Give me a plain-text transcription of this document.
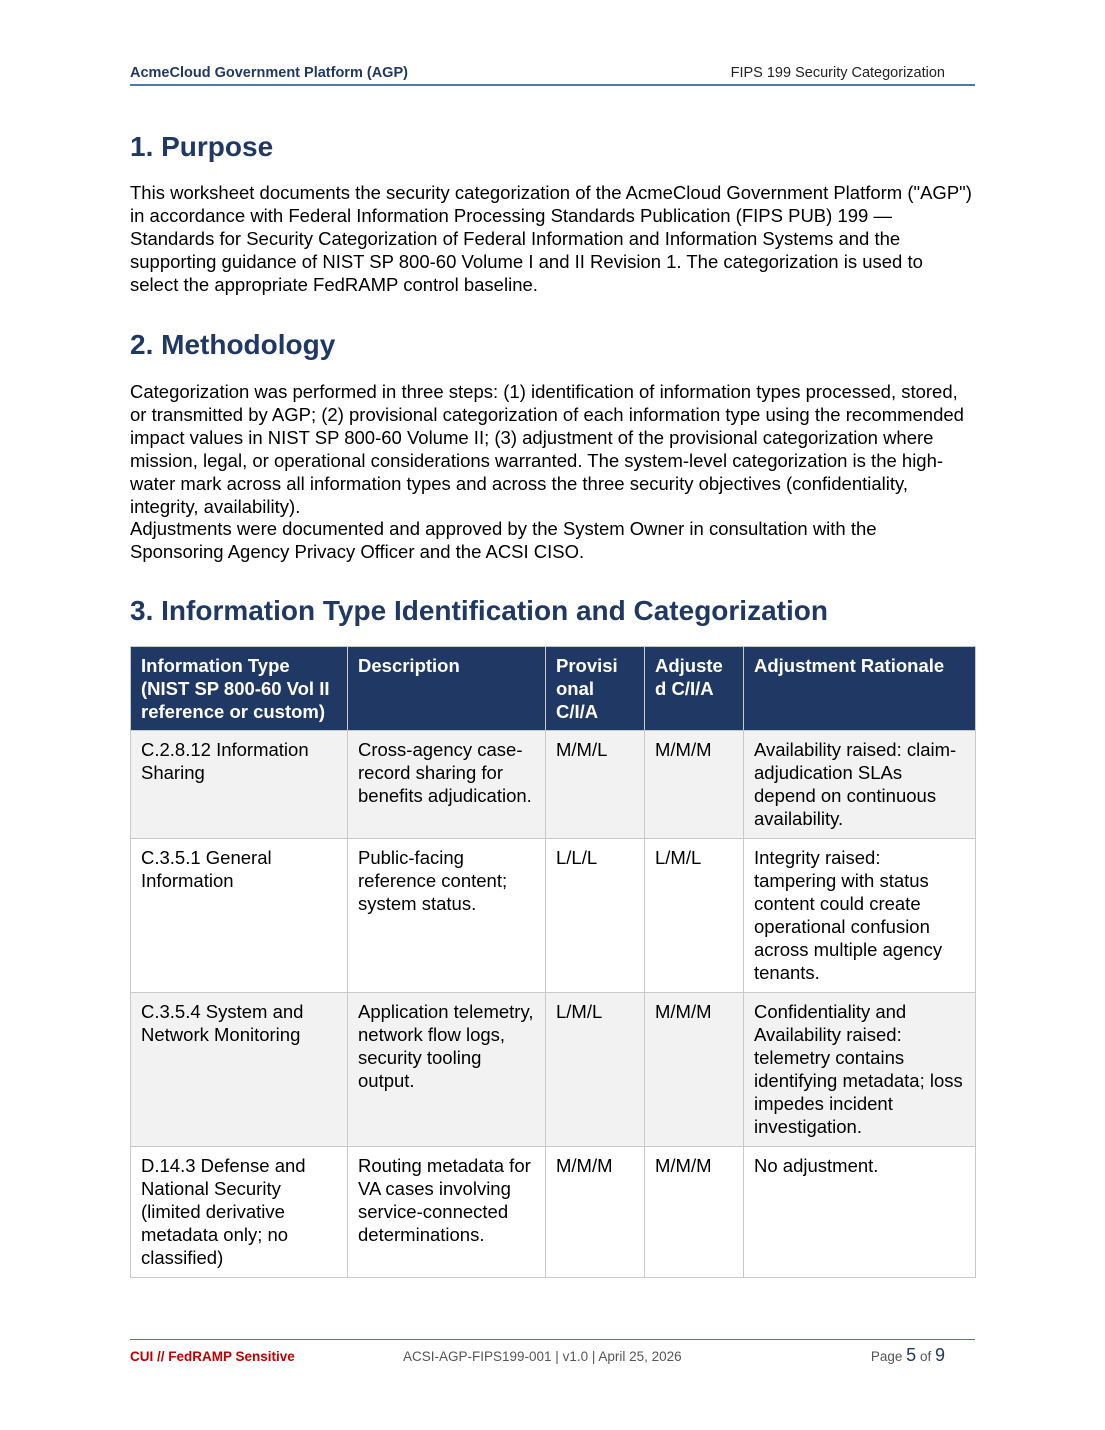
AcmeCloud Government Platform (AGP)	FIPS 199 Security Categorization
1. Purpose

This worksheet documents the security categorization of the AcmeCloud Government Platform ("AGP") in accordance with Federal Information Processing Standards Publication (FIPS PUB) 199 — Standards for Security Categorization of Federal Information and Information Systems and the supporting guidance of NIST SP 800-60 Volume I and II Revision 1. The categorization is used to select the appropriate FedRAMP control baseline.

2. Methodology

Categorization was performed in three steps: (1) identification of information types processed, stored, or transmitted by AGP; (2) provisional categorization of each information type using the recommended impact values in NIST SP 800-60 Volume II; (3) adjustment of the provisional categorization where mission, legal, or operational considerations warranted. The system-level categorization is the high-water mark across all information types and across the three security objectives (confidentiality, integrity, availability).

Adjustments were documented and approved by the System Owner in consultation with the Sponsoring Agency Privacy Officer and the ACSI CISO.

3. Information Type Identification and Categorization
Information Type (NIST SP 800-60 Vol II reference or custom)	Description	Provisi onal C/I/A	Adjuste d C/I/A	Adjustment Rationale
C.2.8.12 Information Sharing	Cross-agency case-record sharing for benefits adjudication.	M/M/L	M/M/M	Availability raised: claim-adjudication SLAs depend on continuous availability.
C.3.5.1 General Information	Public-facing reference content; system status.	L/L/L	L/M/L	Integrity raised: tampering with status content could create operational confusion across multiple agency tenants.
C.3.5.4 System and Network Monitoring	Application telemetry, network flow logs, security tooling output.	L/M/L	M/M/M	Confidentiality and Availability raised: telemetry contains identifying metadata; loss impedes incident investigation.
D.14.3 Defense and National Security (limited derivative metadata only; no classified)	Routing metadata for VA cases involving service-connected determinations.	M/M/M	M/M/M	No adjustment.
CUI // FedRAMP Sensitive	ACSI-AGP-FIPS199-001 | v1.0 | April 25, 2026	Page 5 of 9
